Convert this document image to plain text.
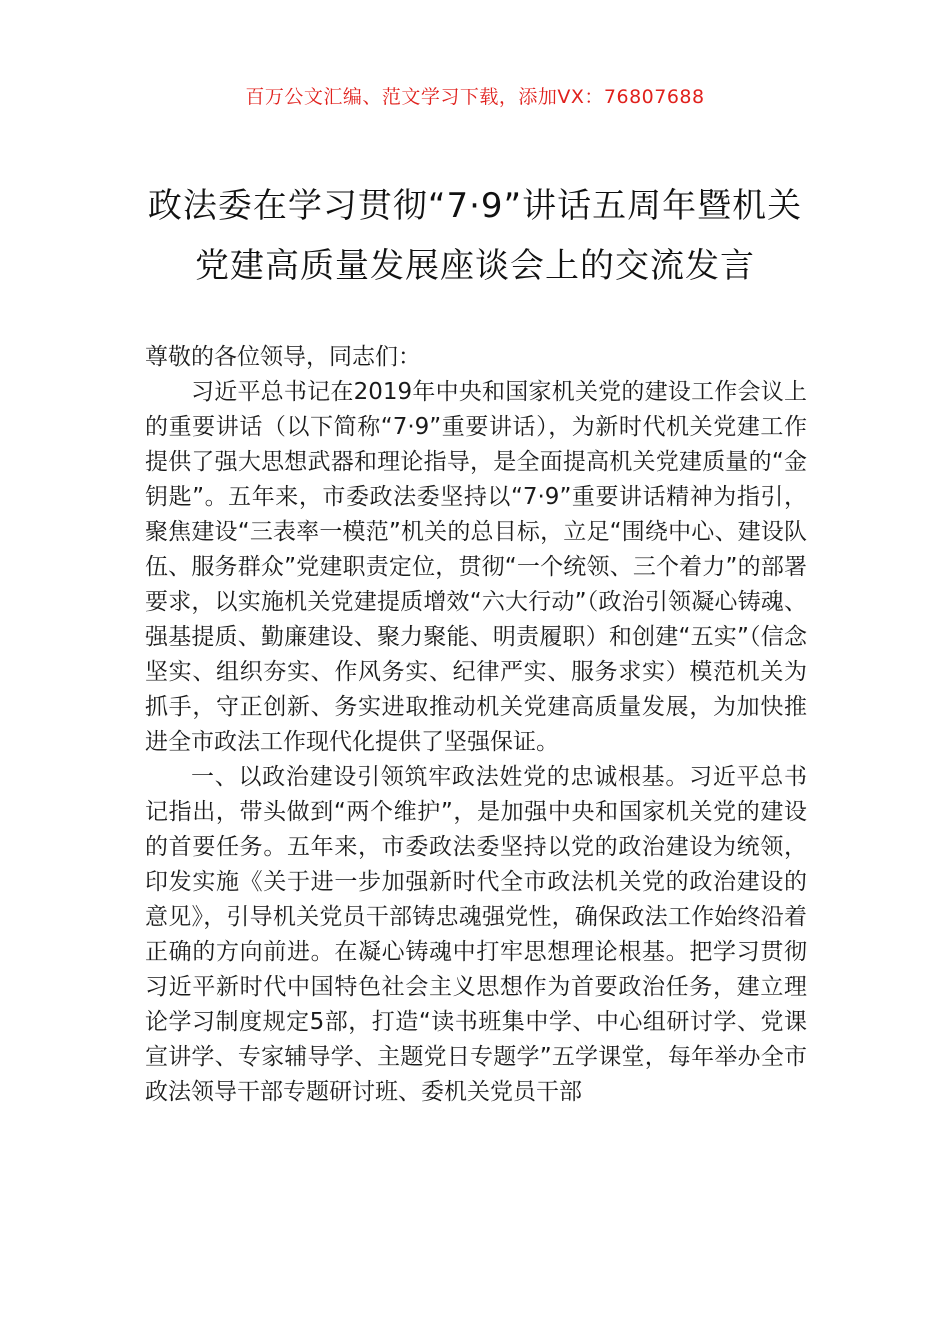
百万公文汇编、范文学习下载，添加VX：76807688
政法委在学习贯彻“7·9”讲话五周年暨机关
党建高质量发展座谈会上的交流发言

尊敬的各位领导，同志们：

习近平总书记在2019年中央和国家机关党的建设工作会议上的重要讲话（以下简称“7·9”重要讲话），为新时代机关党建工作提供了强大思想武器和理论指导，是全面提高机关党建质量的“金钥匙”。五年来，市委政法委坚持以“7·9”重要讲话精神为指引，聚焦建设“三表率一模范”机关的总目标，立足“围绕中心、建设队伍、服务群众”党建职责定位，贯彻“一个统领、三个着力”的部署要求，以实施机关党建提质增效“六大行动”（政治引领凝心铸魂、强基提质、勤廉建设、聚力聚能、明责履职）和创建“五实”（信念坚实、组织夯实、作风务实、纪律严实、服务求实）模范机关为抓手，守正创新、务实进取推动机关党建高质量发展，为加快推进全市政法工作现代化提供了坚强保证。

一、以政治建设引领筑牢政法姓党的忠诚根基。习近平总书记指出，带头做到“两个维护”，是加强中央和国家机关党的建设的首要任务。五年来，市委政法委坚持以党的政治建设为统领，印发实施《关于进一步加强新时代全市政法机关党的政治建设的意见》，引导机关党员干部铸忠魂强党性，确保政法工作始终沿着正确的方向前进。在凝心铸魂中打牢思想理论根基。把学习贯彻习近平新时代中国特色社会主义思想作为首要政治任务，建立理论学习制度规定5部，打造“读书班集中学、中心组研讨学、党课宣讲学、专家辅导学、主题党日专题学”五学课堂，每年举办全市政法领导干部专题研讨班、委机关党员干部
